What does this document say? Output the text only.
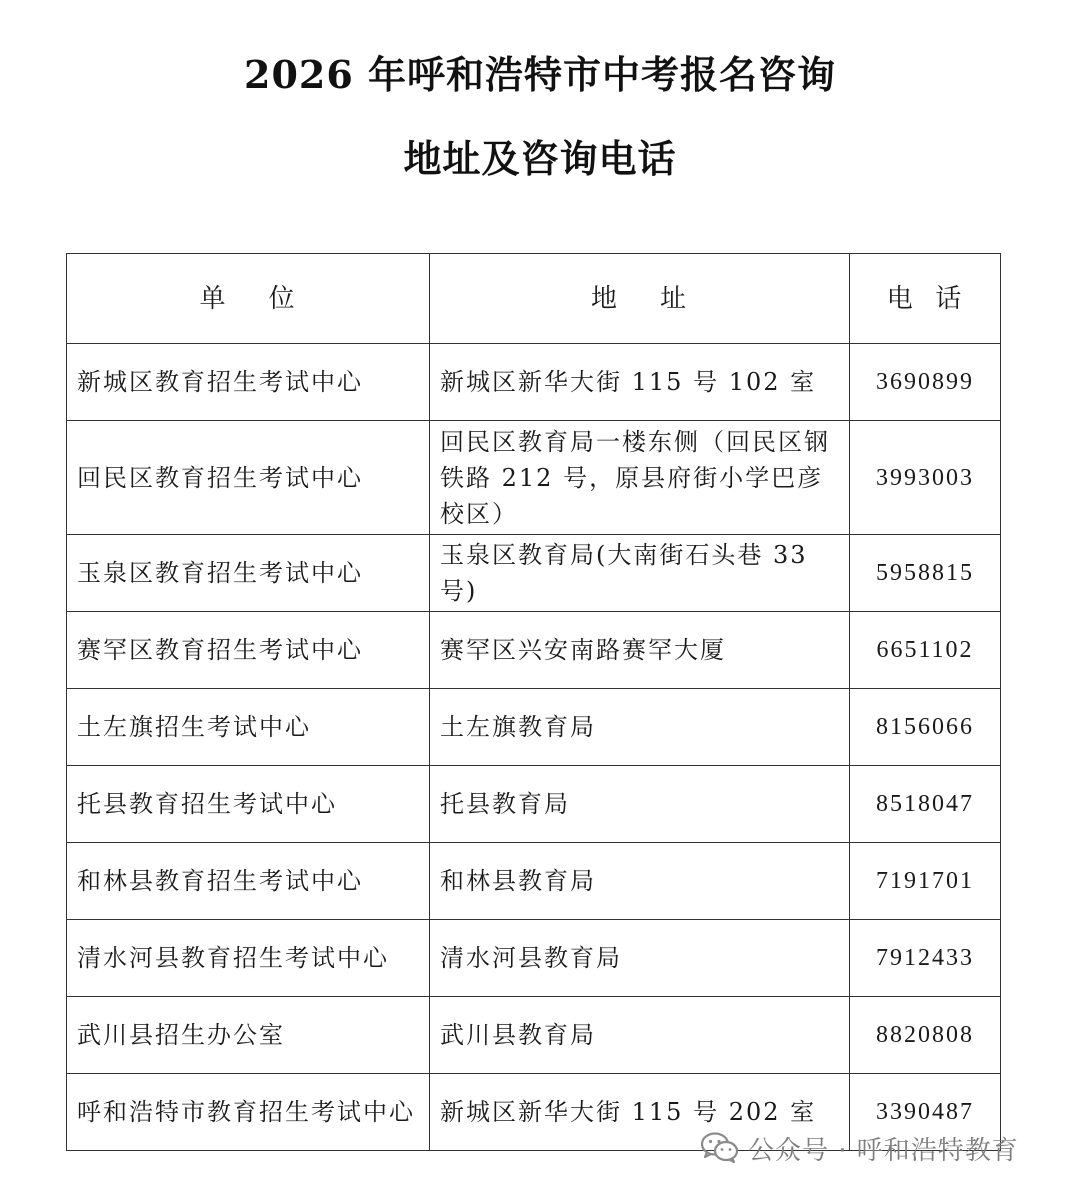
2026 年呼和浩特市中考报名咨询
地址及咨询电话
单    位	地    址	电  话
新城区教育招生考试中心	新城区新华大街 115 号 102 室	3690899
回民区教育招生考试中心	回民区教育局一楼东侧（回民区钢铁路 212 号，原县府街小学巴彦校区）	3993003
玉泉区教育招生考试中心	玉泉区教育局(大南街石头巷 33 号)	5958815
赛罕区教育招生考试中心	赛罕区兴安南路赛罕大厦	6651102
土左旗招生考试中心	土左旗教育局	8156066
托县教育招生考试中心	托县教育局	8518047
和林县教育招生考试中心	和林县教育局	7191701
清水河县教育招生考试中心	清水河县教育局	7912433
武川县招生办公室	武川县教育局	8820808
呼和浩特市教育招生考试中心	新城区新华大街 115 号 202 室	3390487
公众号 · 呼和浩特教育
